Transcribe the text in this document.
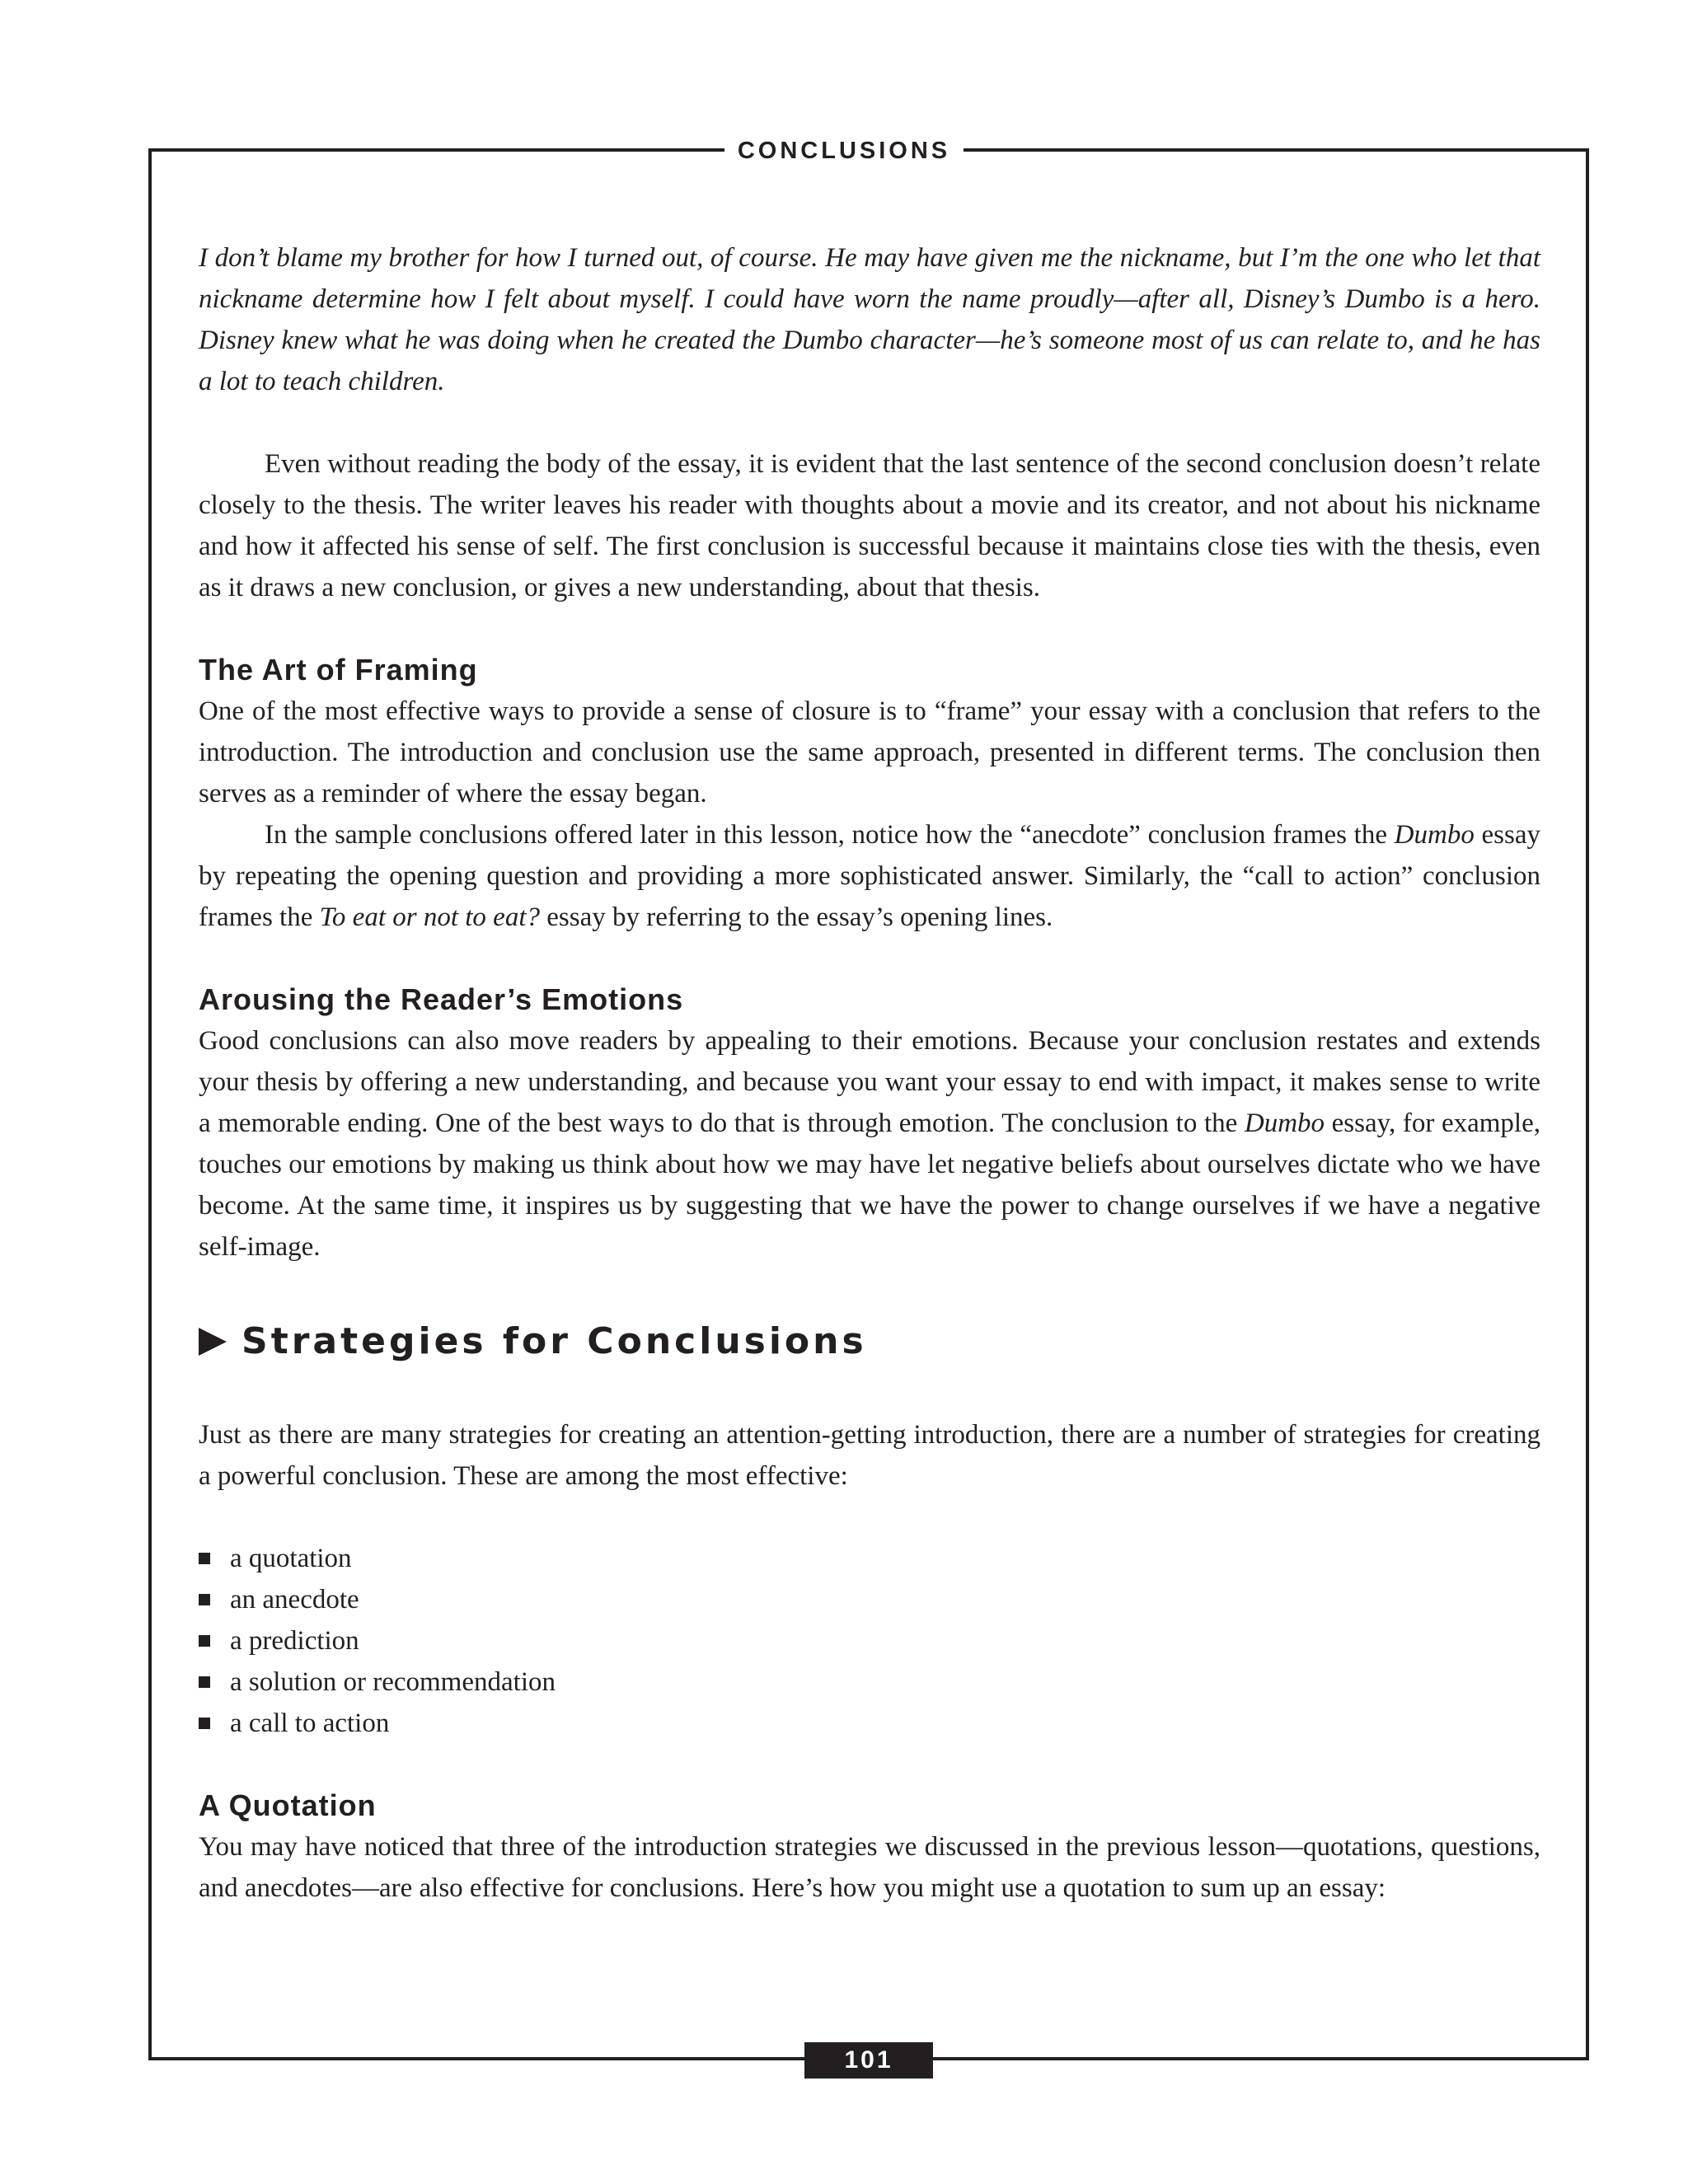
CONCLUSIONS

I don’t blame my brother for how I turned out, of course. He may have given me the nickname, but I’m the one who let that nickname determine how I felt about myself. I could have worn the name proudly—after all, Disney’s Dumbo is a hero. Disney knew what he was doing when he created the Dumbo character—he’s someone most of us can relate to, and he has a lot to teach children.

Even without reading the body of the essay, it is evident that the last sentence of the second conclusion doesn’t relate closely to the thesis. The writer leaves his reader with thoughts about a movie and its creator, and not about his nickname and how it affected his sense of self. The first conclusion is successful because it maintains close ties with the thesis, even as it draws a new conclusion, or gives a new understanding, about that thesis.

The Art of Framing

One of the most effective ways to provide a sense of closure is to “frame” your essay with a conclusion that refers to the introduction. The introduction and conclusion use the same approach, presented in different terms. The conclusion then serves as a reminder of where the essay began.

In the sample conclusions offered later in this lesson, notice how the “anecdote” conclusion frames the Dumbo essay by repeating the opening question and providing a more sophisticated answer. Similarly, the “call to action” conclusion frames the To eat or not to eat? essay by referring to the essay’s opening lines.

Arousing the Reader’s Emotions

Good conclusions can also move readers by appealing to their emotions. Because your conclusion restates and extends your thesis by offering a new understanding, and because you want your essay to end with impact, it makes sense to write a memorable ending. One of the best ways to do that is through emotion. The conclusion to the Dumbo essay, for example, touches our emotions by making us think about how we may have let negative beliefs about ourselves dictate who we have become. At the same time, it inspires us by suggesting that we have the power to change ourselves if we have a negative self-image.

Strategies for Conclusions

Just as there are many strategies for creating an attention-getting introduction, there are a number of strategies for creating a powerful conclusion. These are among the most effective:

a quotation
an anecdote
a prediction
a solution or recommendation
a call to action
A Quotation

You may have noticed that three of the introduction strategies we discussed in the previous lesson—quotations, questions, and anecdotes—are also effective for conclusions. Here’s how you might use a quotation to sum up an essay:

101
